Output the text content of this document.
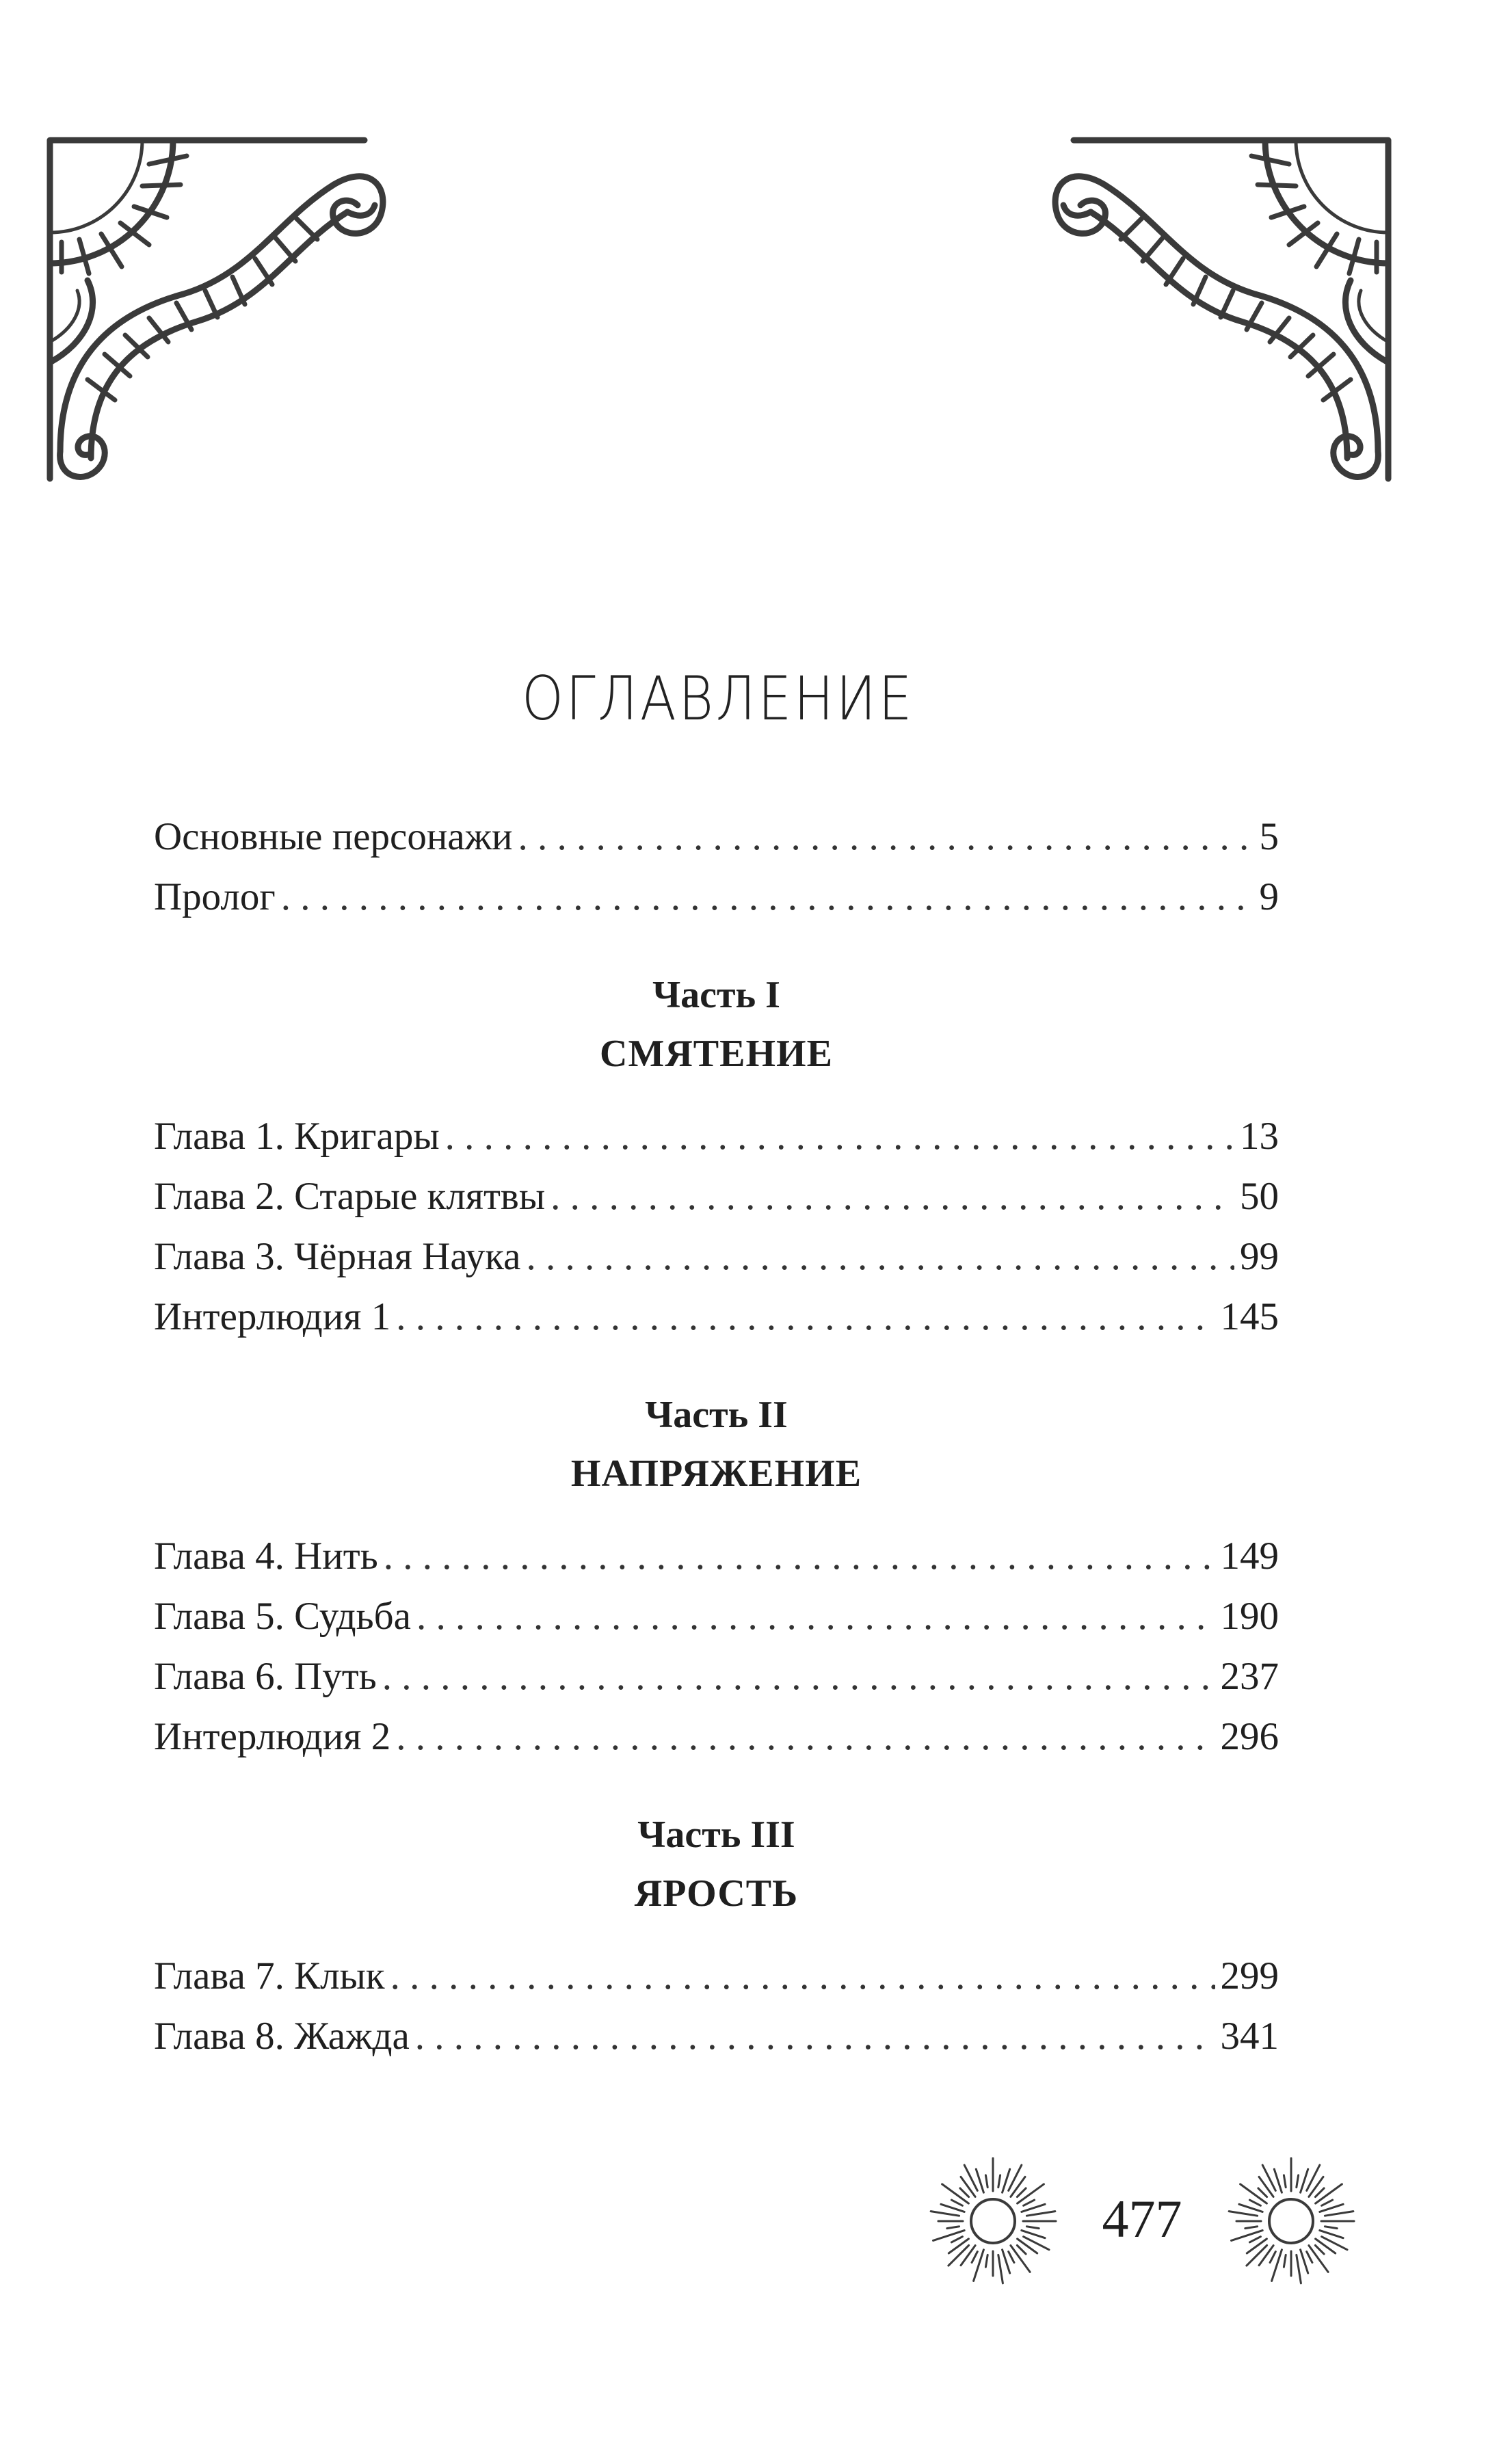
ОГЛАВЛЕНИЕ
Основные персонажи . . .	5
Пролог . . .	9
Часть I
СМЯТЕНИЕ
Глава 1. Кригары . . .	13
Глава 2. Старые клятвы . . .	50
Глава 3. Чёрная Наука . . .	99
Интерлюдия 1 . . .	145
Часть II
НАПРЯЖЕНИЕ
Глава 4. Нить . . .	149
Глава 5. Судьба . . .	190
Глава 6. Путь . . .	237
Интерлюдия 2 . . .	296
Часть III
ЯРОСТЬ
Глава 7. Клык . . .	299
Глава 8. Жажда . . .	341
477
